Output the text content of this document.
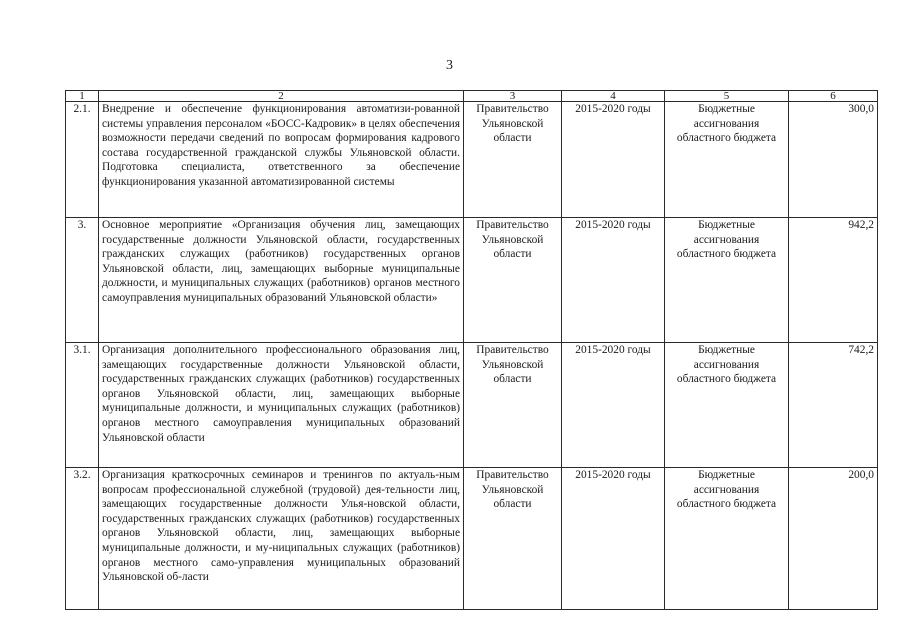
3
1	2	3	4	5	6
2.1.	Внедрение и обеспечение функционирования автоматизи-рованной системы управления персоналом «БОСС-Кадровик» в целях обеспечения возможности передачи сведений по вопросам формирования кадрового состава государственной гражданской службы Ульяновской области. Подготовка специалиста, ответственного за обеспечение функционирования указанной автоматизированной системы	Правительство Ульяновской области	2015-2020 годы	Бюджетные ассигнования областного бюджета	300,0
3.	Основное мероприятие «Организация обучения лиц, замещающих государственные должности Ульяновской области, государственных гражданских служащих (работников) государственных органов Ульяновской области, лиц, замещающих выборные муниципальные должности, и муниципальных служащих (работников) органов местного самоуправления муниципальных образований Ульяновской области»	Правительство Ульяновской области	2015-2020 годы	Бюджетные ассигнования областного бюджета	942,2
3.1.	Организация дополнительного профессионального образования лиц, замещающих государственные должности Ульяновской области, государственных гражданских служащих (работников) государственных органов Ульяновской области, лиц, замещающих выборные муниципальные должности, и муниципальных служащих (работников) органов местного самоуправления муниципальных образований Ульяновской области	Правительство Ульяновской области	2015-2020 годы	Бюджетные ассигнования областного бюджета	742,2
3.2.	Организация краткосрочных семинаров и тренингов по актуаль-ным вопросам профессиональной служебной (трудовой) дея-тельности лиц, замещающих государственные должности Улья-новской области, государственных гражданских служащих (работников) государственных органов Ульяновской области, лиц, замещающих выборные муниципальные должности, и му-ниципальных служащих (работников) органов местного само-управления муниципальных образований Ульяновской об-ласти	Правительство Ульяновской области	2015-2020 годы	Бюджетные ассигнования областного бюджета	200,0
